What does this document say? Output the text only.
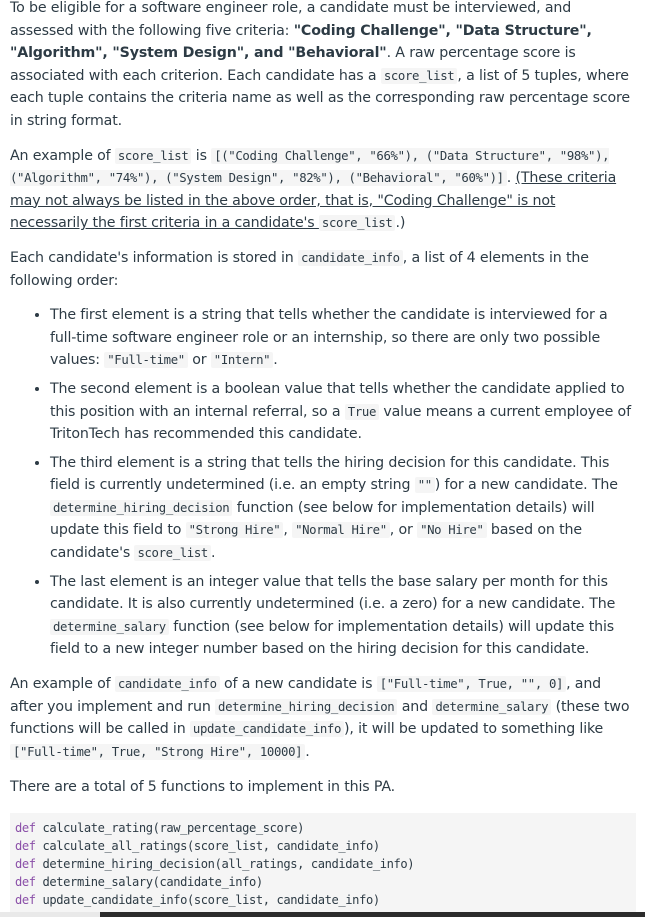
To be eligible for a software engineer role, a candidate must be interviewed, and assessed with the following five criteria: "Coding Challenge", "Data Structure", "Algorithm", "System Design", and "Behavioral". A raw percentage score is associated with each criterion. Each candidate has a score_list , a list of 5 tuples, where each tuple contains the criteria name as well as the corresponding raw percentage score in string format.

An example of score_list is [("Coding Challenge", "66%"), ("Data Structure", "98%"), ("Algorithm", "74%"), ("System Design", "82%"), ("Behavioral", "60%")] . (These criteria may not always be listed in the above order, that is, "Coding Challenge" is not necessarily the first criteria in a candidate's score_list .)

Each candidate's information is stored in candidate_info , a list of 4 elements in the following order:

• The first element is a string that tells whether the candidate is interviewed for a full-time software engineer role or an internship, so there are only two possible values: "Full-time" or "Intern" .
• The second element is a boolean value that tells whether the candidate applied to this position with an internal referral, so a True value means a current employee of TritonTech has recommended this candidate.
• The third element is a string that tells the hiring decision for this candidate. This field is currently undetermined (i.e. an empty string "" ) for a new candidate. The determine_hiring_decision function (see below for implementation details) will update this field to "Strong Hire" , "Normal Hire" , or "No Hire" based on the candidate's score_list .
• The last element is an integer value that tells the base salary per month for this candidate. It is also currently undetermined (i.e. a zero) for a new candidate. The determine_salary function (see below for implementation details) will update this field to a new integer number based on the hiring decision for this candidate.

An example of candidate_info of a new candidate is ["Full-time", True, "", 0] , and after you implement and run determine_hiring_decision and determine_salary (these two functions will be called in update_candidate_info ), it will be updated to something like ["Full-time", True, "Strong Hire", 10000] .

There are a total of 5 functions to implement in this PA.

def calculate_rating(raw_percentage_score)
def calculate_all_ratings(score_list, candidate_info)
def determine_hiring_decision(all_ratings, candidate_info)
def determine_salary(candidate_info)
def update_candidate_info(score_list, candidate_info)
